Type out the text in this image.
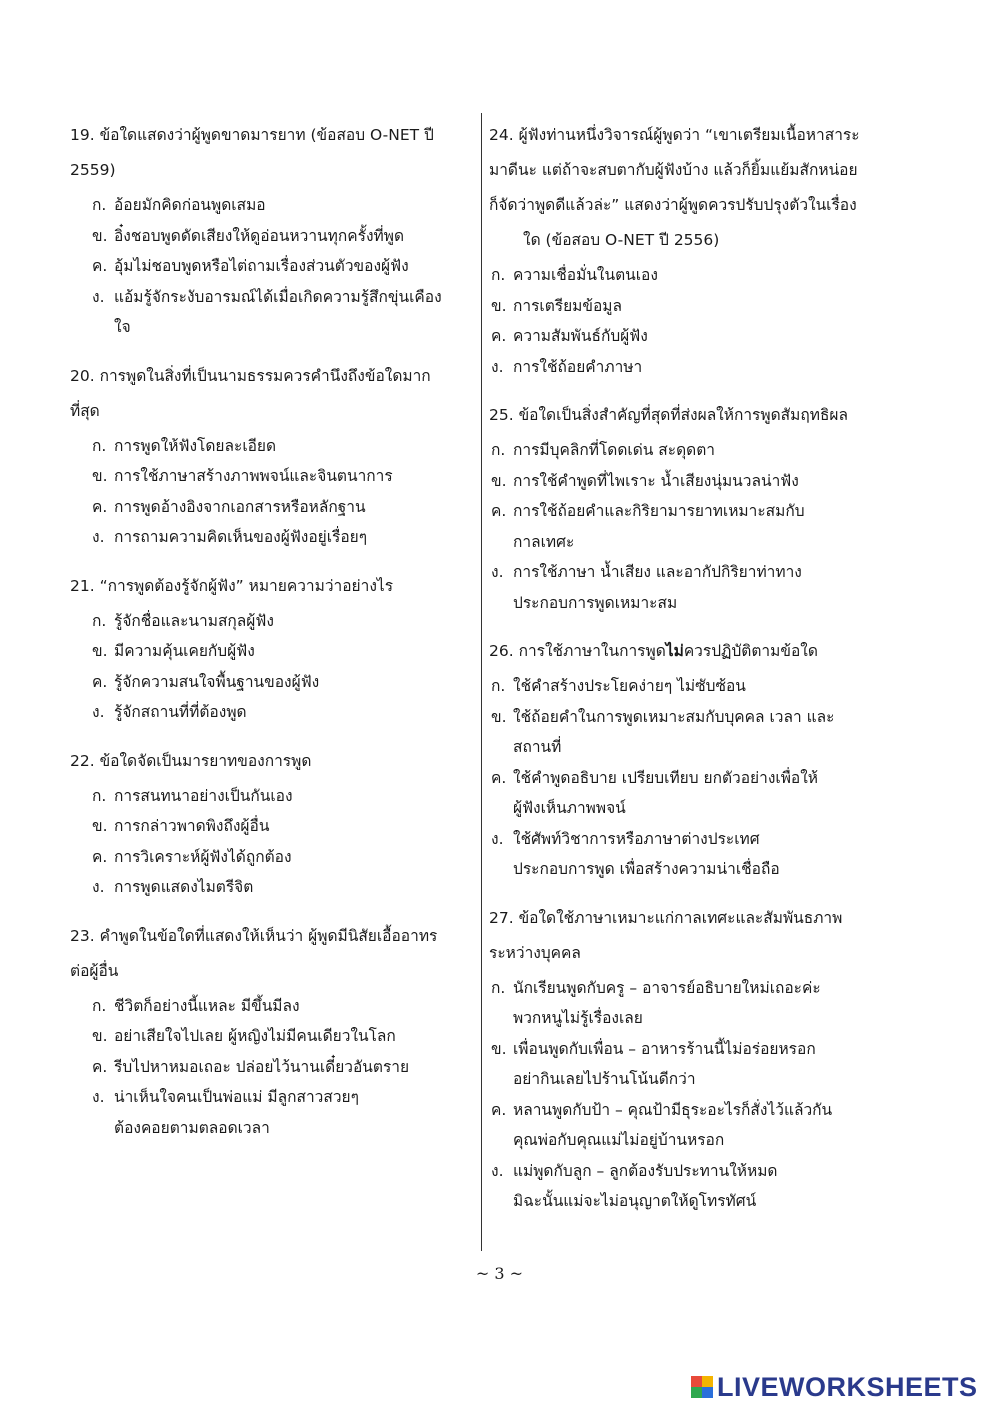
19. ข้อใดแสดงว่าผู้พูดขาดมารยาท (ข้อสอบ O-NET ปี

2559)

ก. อ้อยมักคิดก่อนพูดเสมอ
ข. อิ๋งชอบพูดดัดเสียงให้ดูอ่อนหวานทุกครั้งที่พูด
ค. อุ้มไม่ชอบพูดหรือไต่ถามเรื่องส่วนตัวของผู้ฟัง
ง. แอ้มรู้จักระงับอารมณ์ได้เมื่อเกิดความรู้สึกขุ่นเคือง
ใจ

20. การพูดในสิ่งที่เป็นนามธรรมควรคำนึงถึงข้อใดมาก

ที่สุด

ก. การพูดให้ฟังโดยละเอียด
ข. การใช้ภาษาสร้างภาพพจน์และจินตนาการ
ค. การพูดอ้างอิงจากเอกสารหรือหลักฐาน
ง. การถามความคิดเห็นของผู้ฟังอยู่เรื่อยๆ

21. “การพูดต้องรู้จักผู้ฟัง” หมายความว่าอย่างไร

ก. รู้จักชื่อและนามสกุลผู้ฟัง
ข. มีความคุ้นเคยกับผู้ฟัง
ค. รู้จักความสนใจพื้นฐานของผู้ฟัง
ง. รู้จักสถานที่ที่ต้องพูด

22. ข้อใดจัดเป็นมารยาทของการพูด

ก. การสนทนาอย่างเป็นกันเอง
ข. การกล่าวพาดพิงถึงผู้อื่น
ค. การวิเคราะห์ผู้ฟังได้ถูกต้อง
ง. การพูดแสดงไมตรีจิต

23. คำพูดในข้อใดที่แสดงให้เห็นว่า ผู้พูดมีนิสัยเอื้ออาทร

ต่อผู้อื่น

ก. ชีวิตก็อย่างนี้แหละ มีขึ้นมีลง
ข. อย่าเสียใจไปเลย ผู้หญิงไม่มีคนเดียวในโลก
ค. รีบไปหาหมอเถอะ ปล่อยไว้นานเดี๋ยวอันตราย
ง. น่าเห็นใจคนเป็นพ่อแม่ มีลูกสาวสวยๆ
ต้องคอยตามตลอดเวลา

24. ผู้ฟังท่านหนึ่งวิจารณ์ผู้พูดว่า “เขาเตรียมเนื้อหาสาระ

มาดีนะ แต่ถ้าจะสบตากับผู้ฟังบ้าง แล้วก็ยิ้มแย้มสักหน่อย

ก็จัดว่าพูดดีแล้วล่ะ” แสดงว่าผู้พูดควรปรับปรุงตัวในเรื่อง

ใด (ข้อสอบ O-NET ปี 2556)

ก. ความเชื่อมั่นในตนเอง
ข. การเตรียมข้อมูล
ค. ความสัมพันธ์กับผู้ฟัง
ง. การใช้ถ้อยคำภาษา

25. ข้อใดเป็นสิ่งสำคัญที่สุดที่ส่งผลให้การพูดสัมฤทธิผล

ก. การมีบุคลิกที่โดดเด่น สะดุดตา
ข. การใช้คำพูดที่ไพเราะ น้ำเสียงนุ่มนวลน่าฟัง
ค. การใช้ถ้อยคำและกิริยามารยาทเหมาะสมกับ
กาลเทศะ
ง. การใช้ภาษา น้ำเสียง และอากัปกิริยาท่าทาง
ประกอบการพูดเหมาะสม

26. การใช้ภาษาในการพูดไม่ควรปฏิบัติตามข้อใด

ก. ใช้คำสร้างประโยคง่ายๆ ไม่ซับซ้อน
ข. ใช้ถ้อยคำในการพูดเหมาะสมกับบุคคล เวลา และ
สถานที่
ค. ใช้คำพูดอธิบาย เปรียบเทียบ ยกตัวอย่างเพื่อให้
ผู้ฟังเห็นภาพพจน์
ง. ใช้ศัพท์วิชาการหรือภาษาต่างประเทศ
ประกอบการพูด เพื่อสร้างความน่าเชื่อถือ

27. ข้อใดใช้ภาษาเหมาะแก่กาลเทศะและสัมพันธภาพ

ระหว่างบุคคล

ก. นักเรียนพูดกับครู – อาจารย์อธิบายใหม่เถอะค่ะ
พวกหนูไม่รู้เรื่องเลย
ข. เพื่อนพูดกับเพื่อน – อาหารร้านนี้ไม่อร่อยหรอก
อย่ากินเลยไปร้านโน้นดีกว่า
ค. หลานพูดกับป้า – คุณป้ามีธุระอะไรก็สั่งไว้แล้วกัน
คุณพ่อกับคุณแม่ไม่อยู่บ้านหรอก
ง. แม่พูดกับลูก – ลูกต้องรับประทานให้หมด
มิฉะนั้นแม่จะไม่อนุญาตให้ดูโทรทัศน์
~ 3 ~
LIVEWORKSHEETS
